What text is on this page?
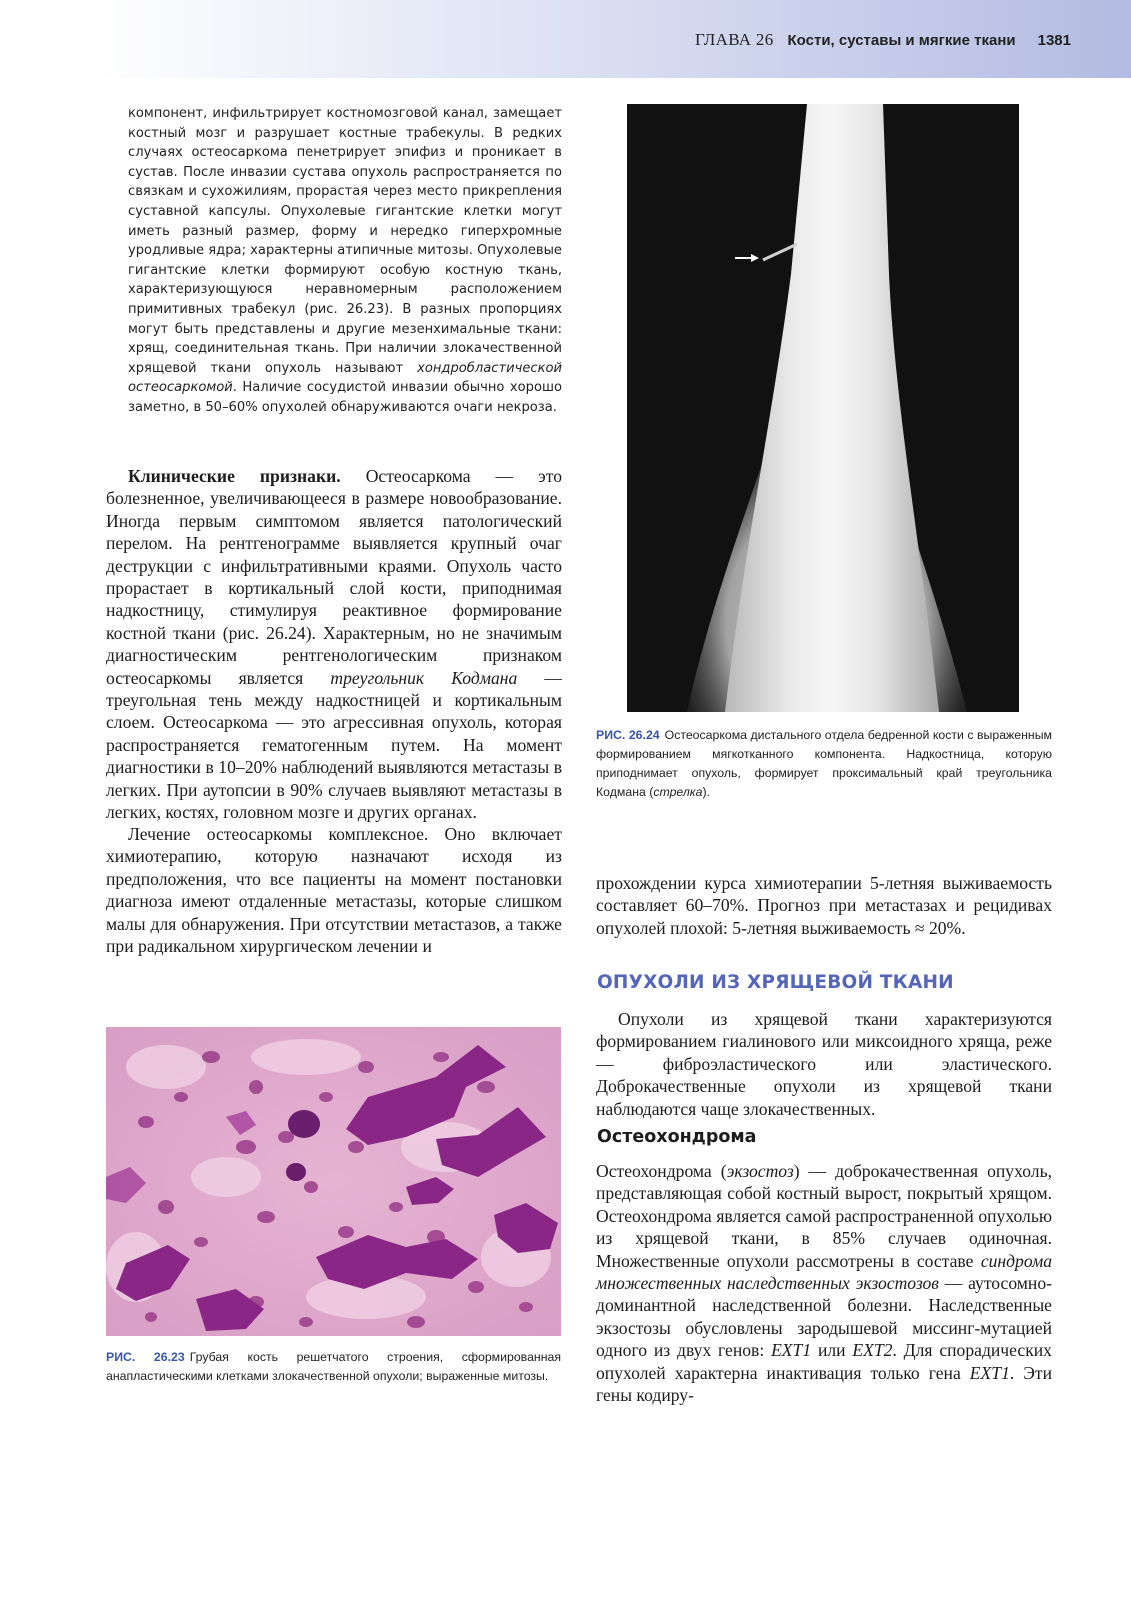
ГЛАВА 26 Кости, суставы и мягкие ткани 1381

компонент, инфильтрирует костномозговой канал, замещает костный мозг и разрушает костные трабекулы. В редких случаях остеосаркома пенетрирует эпифиз и проникает в сустав. После инвазии сустава опухоль распространяется по связкам и сухожилиям, прорастая через место прикрепления суставной капсулы. Опухолевые гигантские клетки могут иметь разный размер, форму и нередко гиперхромные уродливые ядра; характерны атипичные митозы. Опухолевые гигантские клетки формируют особую костную ткань, характеризующуюся неравномерным расположением примитивных трабекул (рис. 26.23). В разных пропорциях могут быть представлены и другие мезенхимальные ткани: хрящ, соединительная ткань. При наличии злокачественной хрящевой ткани опухоль называют хондробластической остеосаркомой. Наличие сосудистой инвазии обычно хорошо заметно, в 50–60% опухолей обнаруживаются очаги некроза.

Клинические признаки. Остеосаркома — это болезненное, увеличивающееся в размере новообразование. Иногда первым симптомом является патологический перелом. На рентгенограмме выявляется крупный очаг деструкции с инфильтративными краями. Опухоль часто прорастает в кортикальный слой кости, приподнимая надкостницу, стимулируя реактивное формирование костной ткани (рис. 26.24). Характерным, но не значимым диагностическим рентгенологическим признаком остеосаркомы является треугольник Кодмана — треугольная тень между надкостницей и кортикальным слоем. Остеосаркома — это агрессивная опухоль, которая распространяется гематогенным путем. На момент диагностики в 10–20% наблюдений выявляются метастазы в легких. При аутопсии в 90% случаев выявляют метастазы в легких, костях, головном мозге и других органах.

Лечение остеосаркомы комплексное. Оно включает химиотерапию, которую назначают исходя из предположения, что все пациенты на момент постановки диагноза имеют отдаленные метастазы, которые слишком малы для обнаружения. При отсутствии метастазов, а также при радикальном хирургическом лечении и

РИС. 26.23 Грубая кость решетчатого строения, сформированная анапластическими клетками злокачественной опухоли; выраженные митозы.

РИС. 26.24 Остеосаркома дистального отдела бедренной кости с выраженным формированием мягкотканного компонента. Надкостница, которую приподнимает опухоль, формирует проксимальный край треугольника Кодмана (стрелка).

прохождении курса химиотерапии 5-летняя выживаемость составляет 60–70%. Прогноз при метастазах и рецидивах опухолей плохой: 5-летняя выживаемость ≈ 20%.

ОПУХОЛИ ИЗ ХРЯЩЕВОЙ ТКАНИ

Опухоли из хрящевой ткани характеризуются формированием гиалинового или миксоидного хряща, реже — фиброэластического или эластического. Доброкачественные опухоли из хрящевой ткани наблюдаются чаще злокачественных.

Остеохондрома

Остеохондрома (экзостоз) — доброкачественная опухоль, представляющая собой костный вырост, покрытый хрящом. Остеохондрома является самой распространенной опухолью из хрящевой ткани, в 85% случаев одиночная. Множественные опухоли рассмотрены в составе синдрома множественных наследственных экзостозов — аутосомно-доминантной наследственной болезни. Наследственные экзостозы обусловлены зародышевой миссинг-мутацией одного из двух генов: EXT1 или EXT2. Для спорадических опухолей характерна инактивация только гена EXT1. Эти гены кодиру-
